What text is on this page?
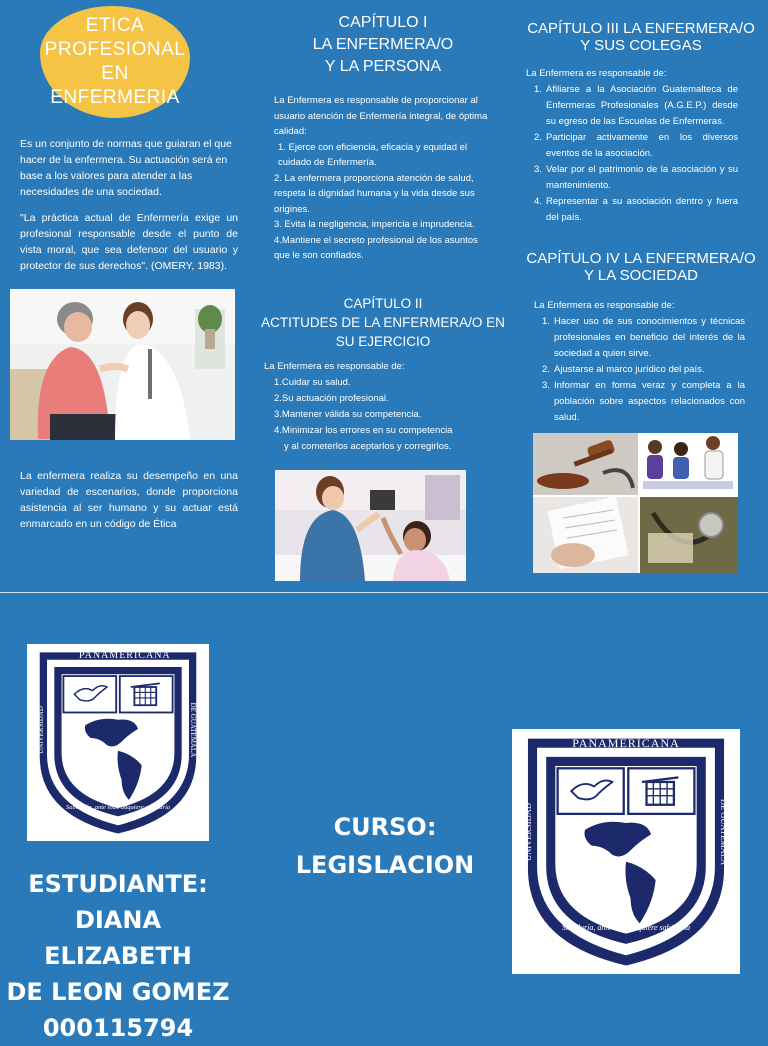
ETICA
PROFESIONAL EN
ENFERMERIA
Es un conjunto de normas que guiaran el que hacer de la enfermera. Su actuación será en base a los valores para atender a las necesidades de una sociedad.
"La práctica actual de Enfermería exige un profesional responsable desde el punto de vista moral, que sea defensor del usuario y protector de sus derechos". (OMERY, 1983).
La enfermera realiza su desempeño en una variedad de escenarios, donde proporciona asistencia al ser humano y su actuar está enmarcado en un código de Ética
CAPÍTULO I
LA ENFERMERA/O
Y LA PERSONA
La Enfermera es responsable de proporcionar al usuario atención de Enfermería integral, de óptima calidad:
1. Ejerce con eficiencia, eficacia y equidad el cuidado de Enfermería.
2. La enfermera proporciona atención de salud, respeta la dignidad humana y la vida desde sus origines.
3. Evita la negligencia, impericia e imprudencia.
4.Mantiene el secreto profesional de los asuntos que le son confiados.
CAPÍTULO II
ACTITUDES DE LA ENFERMERA/O EN
SU EJERCICIO
La Enfermera es responsable de:
1.Cuidar su salud.
2.Su actuación profesional.
3.Mantener válida su competencia.
4.Minimizar los errores en su competencia
y al cometerlos aceptarlos y corregirlos.
CAPÍTULO III LA ENFERMERA/O
Y SUS COLEGAS
La Enfermera es responsable de:
1. Afiliarse a la Asociación Guatemalteca de Enfermeras Profesionales (A.G.E.P.) desde su egreso de las Escuelas de Enfermeras.
2. Participar activamente en los diversos eventos de la asociación.
3. Velar por el patrimonio de la asociación y su mantenimiento.
4. Representar a su asociación dentro y fuera del país.
CAPÍTULO IV LA ENFERMERA/O
Y LA SOCIEDAD
La Enfermera es responsable de:
1. Hacer uso de sus conocimientos y técnicas profesionales en beneficio del interés de la sociedad a quien sirve.
2. Ajustarse al marco jurídico del país.
3. Informar en forma veraz y completa a la población sobre aspectos relacionados con salud.
PANAMERICANA
UNIVERSIDAD	DE GUATEMALA
Sabiduría, ante todo adquiere sabiduría
ESTUDIANTE:
DIANA ELIZABETH
DE LEON GOMEZ
000115794
CURSO:
LEGISLACION
PANAMERICANA
UNIVERSIDAD	DE GUATEMALA
Sabiduría, ante todo adquiere sabiduría
